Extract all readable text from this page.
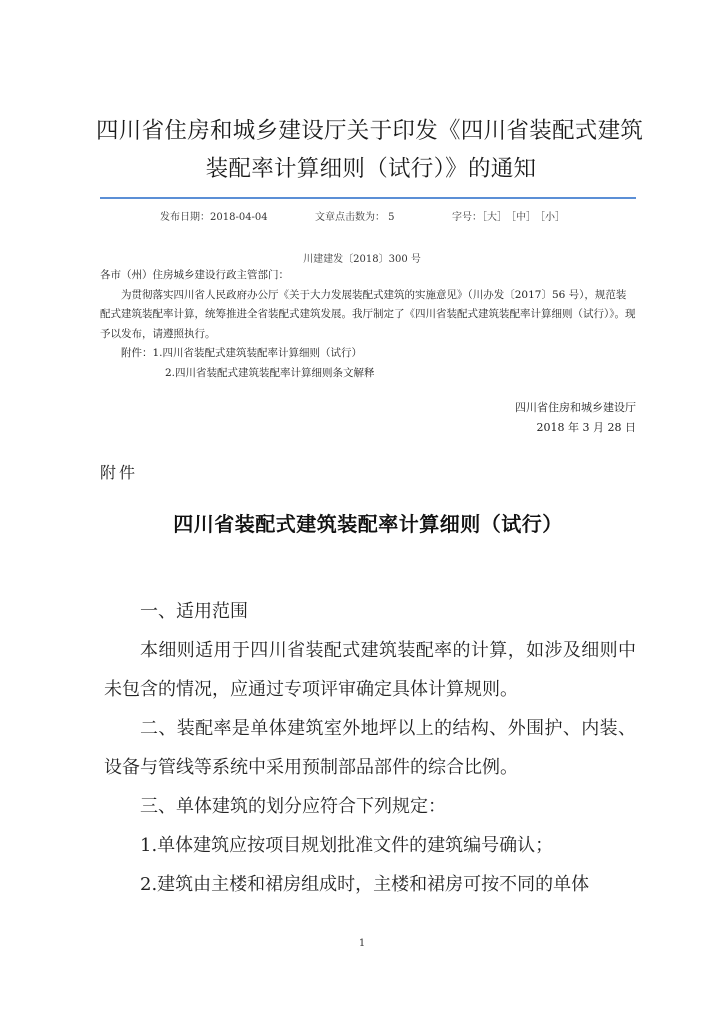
四川省住房和城乡建设厅关于印发《四川省装配式建筑
装配率计算细则（试行）》的通知
发布日期：2018-04-04	文章点击数为： 5	字号：［大］ ［中］ ［小］
川建建发〔2018〕300 号

各市（州）住房城乡建设行政主管部门：

为贯彻落实四川省人民政府办公厅《关于大力发展装配式建筑的实施意见》（川办发〔2017〕56 号），规范装配式建筑装配率计算，统筹推进全省装配式建筑发展。我厅制定了《四川省装配式建筑装配率计算细则（试行）》。现予以发布，请遵照执行。

附件：1.四川省装配式建筑装配率计算细则（试行）

2.四川省装配式建筑装配率计算细则条文解释

四川省住房和城乡建设厅
2018 年 3 月 28 日
附件
四川省装配式建筑装配率计算细则（试行）

一、适用范围

本细则适用于四川省装配式建筑装配率的计算，如涉及细则中未包含的情况，应通过专项评审确定具体计算规则。

二、装配率是单体建筑室外地坪以上的结构、外围护、内装、设备与管线等系统中采用预制部品部件的综合比例。

三、单体建筑的划分应符合下列规定：

1.单体建筑应按项目规划批准文件的建筑编号确认；

2.建筑由主楼和裙房组成时，主楼和裙房可按不同的单体

1
